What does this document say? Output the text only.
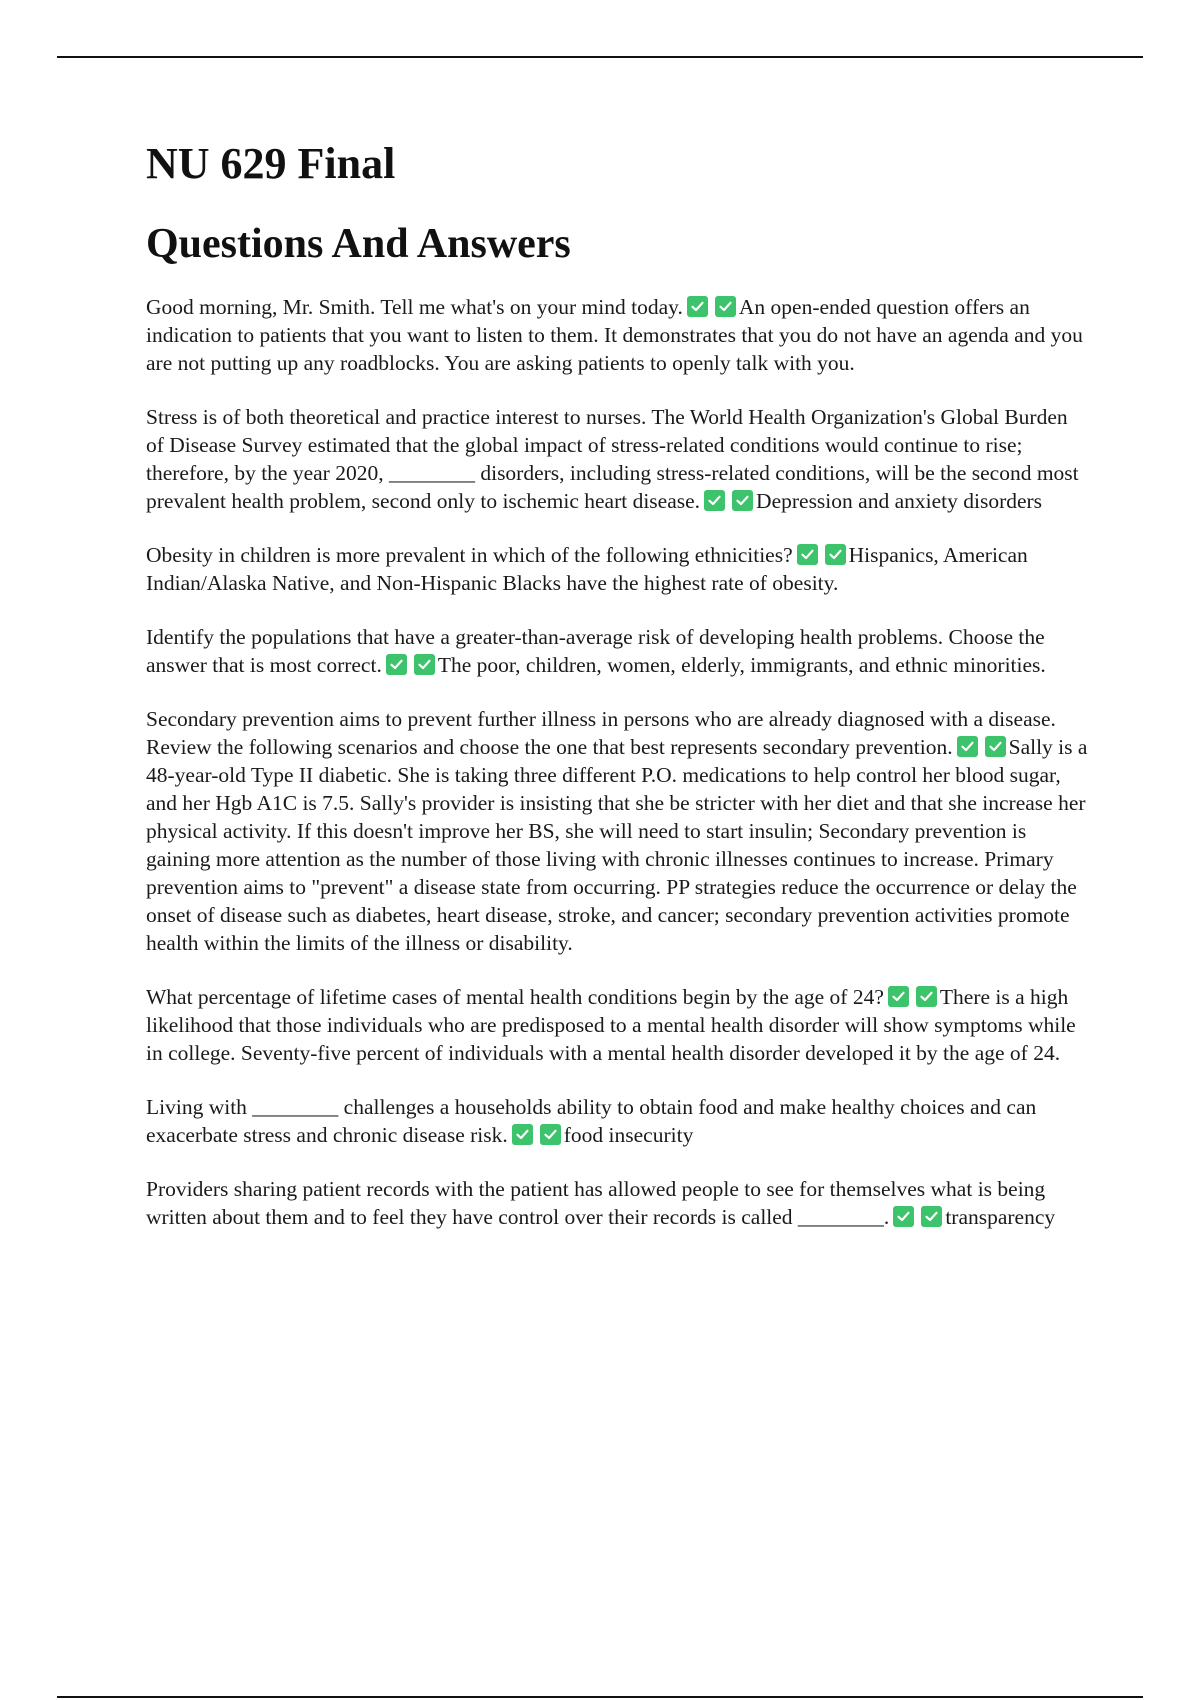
NU 629 Final
Questions And Answers

Good morning, Mr. Smith. Tell me what's on your mind today.	An open-ended question offers an indication to patients that you want to listen to them. It demonstrates that you do not have an agenda and you are not putting up any roadblocks. You are asking patients to openly talk with you.

Stress is of both theoretical and practice interest to nurses. The World Health Organization's Global Burden of Disease Survey estimated that the global impact of stress-related conditions would continue to rise; therefore, by the year 2020, ________ disorders, including stress-related conditions, will be the second most prevalent health problem, second only to ischemic heart disease.	Depression and anxiety disorders

Obesity in children is more prevalent in which of the following ethnicities?	Hispanics, American Indian/Alaska Native, and Non-Hispanic Blacks have the highest rate of obesity.

Identify the populations that have a greater-than-average risk of developing health problems. Choose the answer that is most correct.	The poor, children, women, elderly, immigrants, and ethnic minorities.

Secondary prevention aims to prevent further illness in persons who are already diagnosed with a disease. Review the following scenarios and choose the one that best represents secondary prevention.	Sally is a 48-year-old Type II diabetic. She is taking three different P.O. medications to help control her blood sugar, and her Hgb A1C is 7.5. Sally's provider is insisting that she be stricter with her diet and that she increase her physical activity. If this doesn't improve her BS, she will need to start insulin; Secondary prevention is gaining more attention as the number of those living with chronic illnesses continues to increase. Primary prevention aims to "prevent" a disease state from occurring. PP strategies reduce the occurrence or delay the onset of disease such as diabetes, heart disease, stroke, and cancer; secondary prevention activities promote health within the limits of the illness or disability.

What percentage of lifetime cases of mental health conditions begin by the age of 24?	There is a high likelihood that those individuals who are predisposed to a mental health disorder will show symptoms while in college. Seventy-five percent of individuals with a mental health disorder developed it by the age of 24.

Living with ________ challenges a households ability to obtain food and make healthy choices and can exacerbate stress and chronic disease risk.	food insecurity

Providers sharing patient records with the patient has allowed people to see for themselves what is being written about them and to feel they have control over their records is called ________.	transparency
